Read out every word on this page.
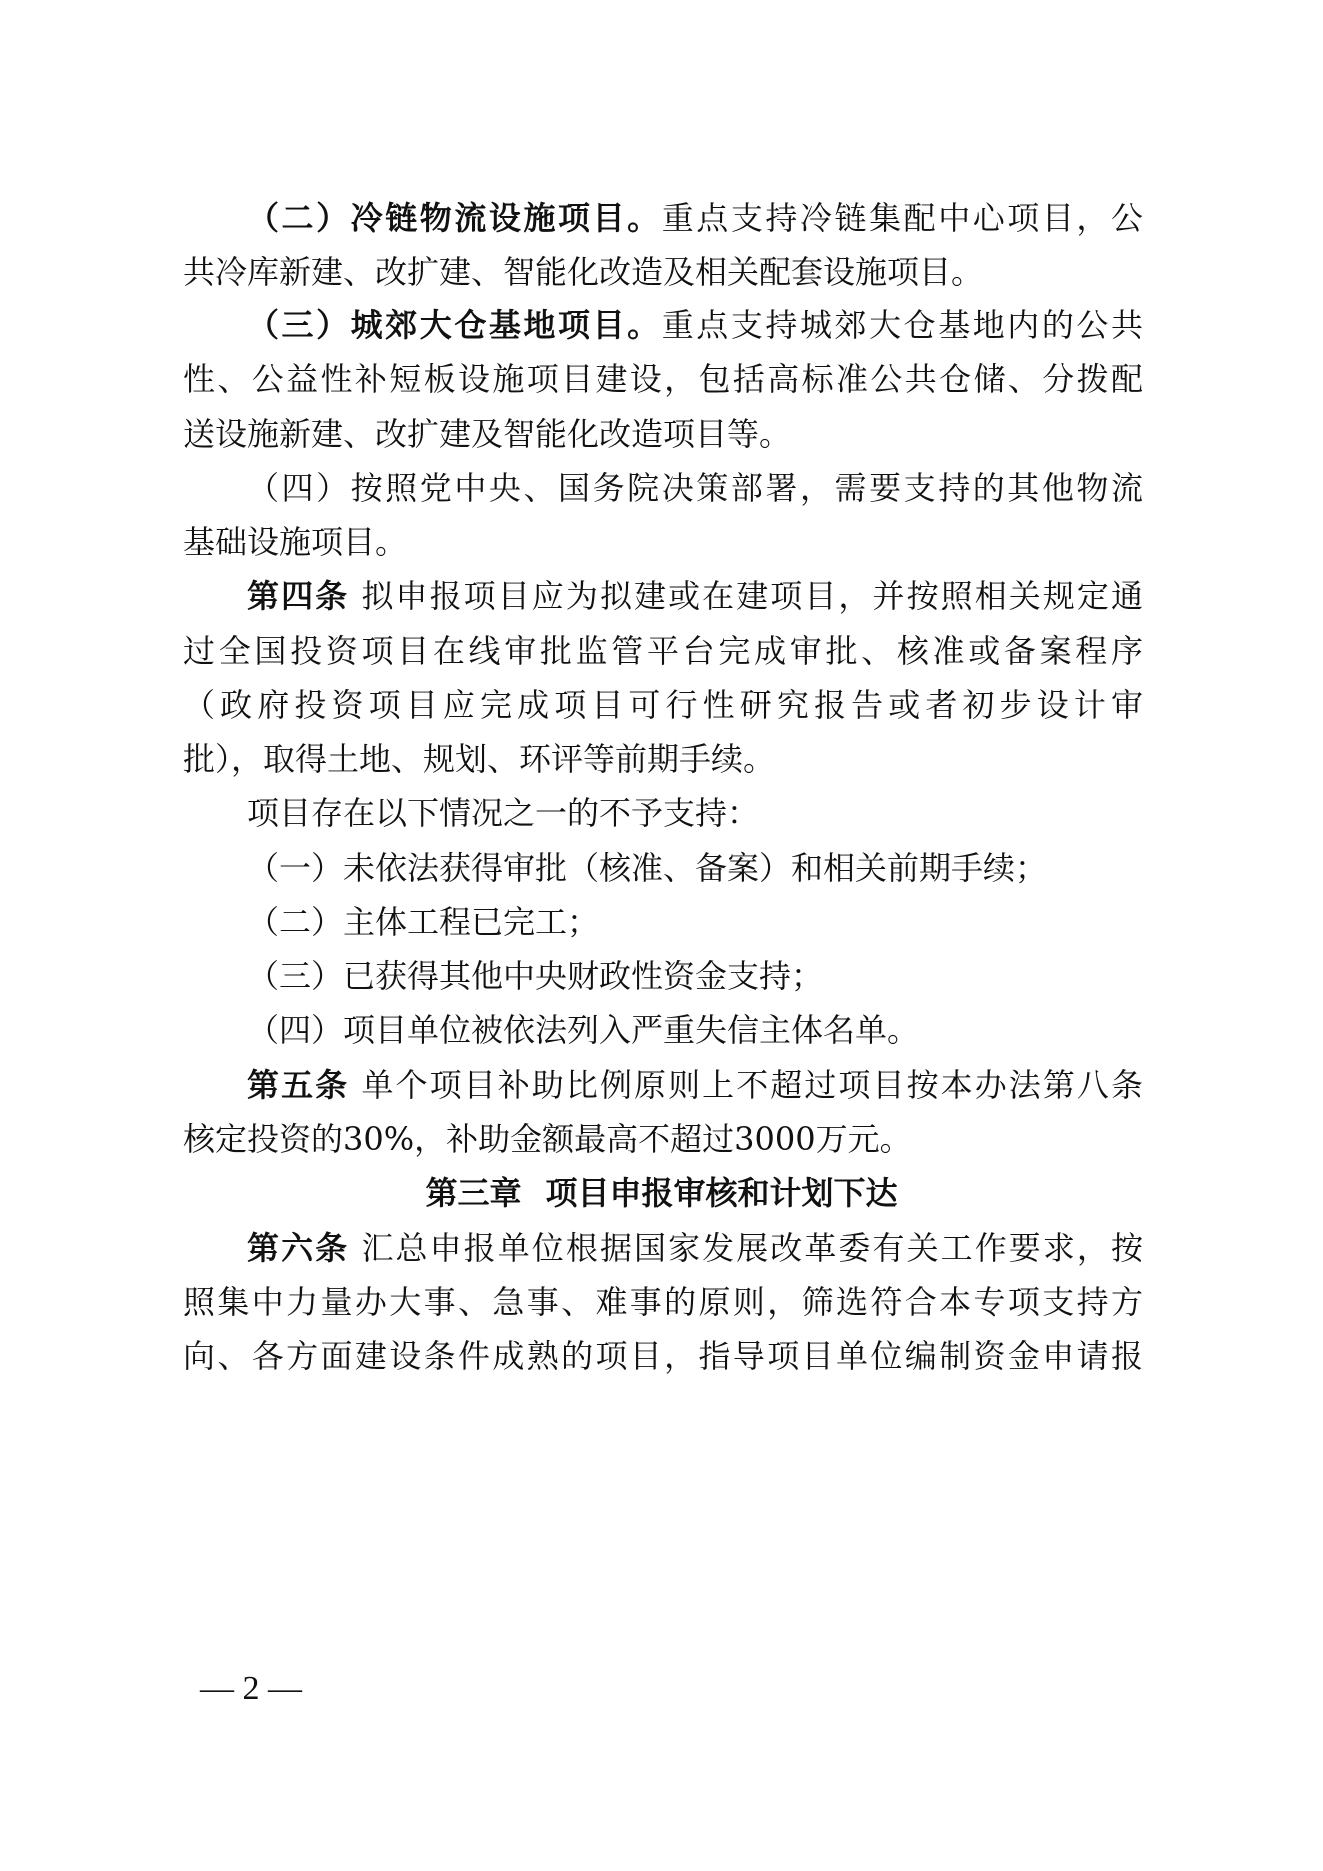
（二）冷链物流设施项目。重点支持冷链集配中心项目，公
共冷库新建、改扩建、智能化改造及相关配套设施项目。
（三）城郊大仓基地项目。重点支持城郊大仓基地内的公共
性、公益性补短板设施项目建设，包括高标准公共仓储、分拨配
送设施新建、改扩建及智能化改造项目等。
（四）按照党中央、国务院决策部署，需要支持的其他物流
基础设施项目。
第四条 拟申报项目应为拟建或在建项目，并按照相关规定通
过全国投资项目在线审批监管平台完成审批、核准或备案程序
（政府投资项目应完成项目可行性研究报告或者初步设计审
批），取得土地、规划、环评等前期手续。
项目存在以下情况之一的不予支持：
（一）未依法获得审批（核准、备案）和相关前期手续；
（二）主体工程已完工；
（三）已获得其他中央财政性资金支持；
（四）项目单位被依法列入严重失信主体名单。
第五条 单个项目补助比例原则上不超过项目按本办法第八条
核定投资的30%，补助金额最高不超过3000万元。
第三章 项目申报审核和计划下达
第六条 汇总申报单位根据国家发展改革委有关工作要求，按
照集中力量办大事、急事、难事的原则，筛选符合本专项支持方
向、各方面建设条件成熟的项目，指导项目单位编制资金申请报
— 2 —
